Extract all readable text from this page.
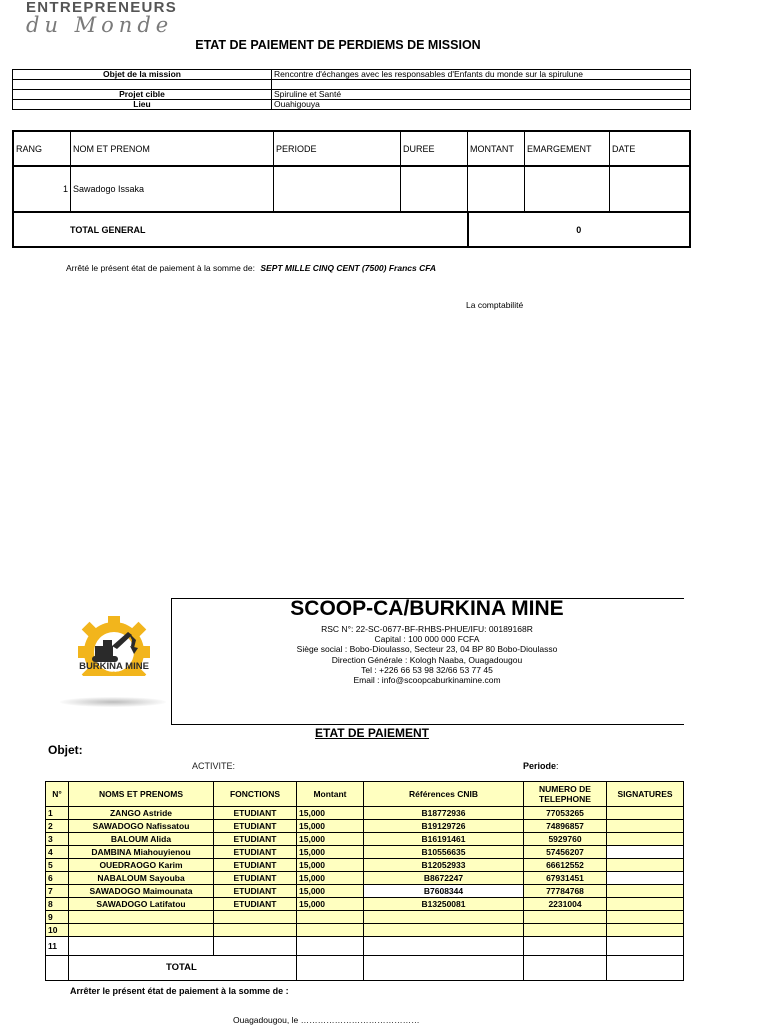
ENTREPRENEURS
du Monde
ETAT DE PAIEMENT DE PERDIEMS DE MISSION
Objet de la mission	Rencontre d'échanges avec les responsables d'Enfants du monde sur la spirulune

Projet cible	Spiruline et Santé
Lieu	Ouahigouya
RANG	NOM ET PRENOM	PERIODE	DUREE	MONTANT	EMARGEMENT	DATE
1	Sawadogo Issaka					
TOTAL GENERAL				0		
Arrêté le présent état de paiement à la somme de: SEPT MILLE CINQ CENT (7500) Francs CFA
La comptabilité
BURKINA MINE
SCOOP-CA
SCOOP-CA/BURKINA MINE
RSC N°: 22-SC-0677-BF-RHBS-PHUE/IFU: 00189168R
Capital : 100 000 000 FCFA
Siège social : Bobo-Dioulasso, Secteur 23, 04 BP 80 Bobo-Dioulasso
Direction Générale : Kologh Naaba, Ouagadougou
Tel : +226 66 53 98 32/66 53 77 45
Email : info@scoopcaburkinamine.com
ETAT DE PAIEMENT
Objet:
ACTIVITE:	Periode:
N°	NOMS ET PRENOMS	FONCTIONS	Montant	Références CNIB	NUMERO DE TELEPHONE	SIGNATURES
1	ZANGO Astride	ETUDIANT	15,000	B18772936	77053265	
2	SAWADOGO Nafissatou	ETUDIANT	15,000	B19129726	74896857	
3	BALOUM Alida	ETUDIANT	15,000	B16191461	5929760	
4	DAMBINA Miahouyienou	ETUDIANT	15,000	B10556635	57456207	
5	OUEDRAOGO Karim	ETUDIANT	15,000	B12052933	66612552	
6	NABALOUM Sayouba	ETUDIANT	15,000	B8672247	67931451	
7	SAWADOGO Maimounata	ETUDIANT	15,000	B7608344	77784768	
8	SAWADOGO Latifatou	ETUDIANT	15,000	B13250081	2231004	
9						
10						
11						
	TOTAL					
Arrêter le présent état de paiement à la somme de :
Ouagadougou, le ……………………………………
